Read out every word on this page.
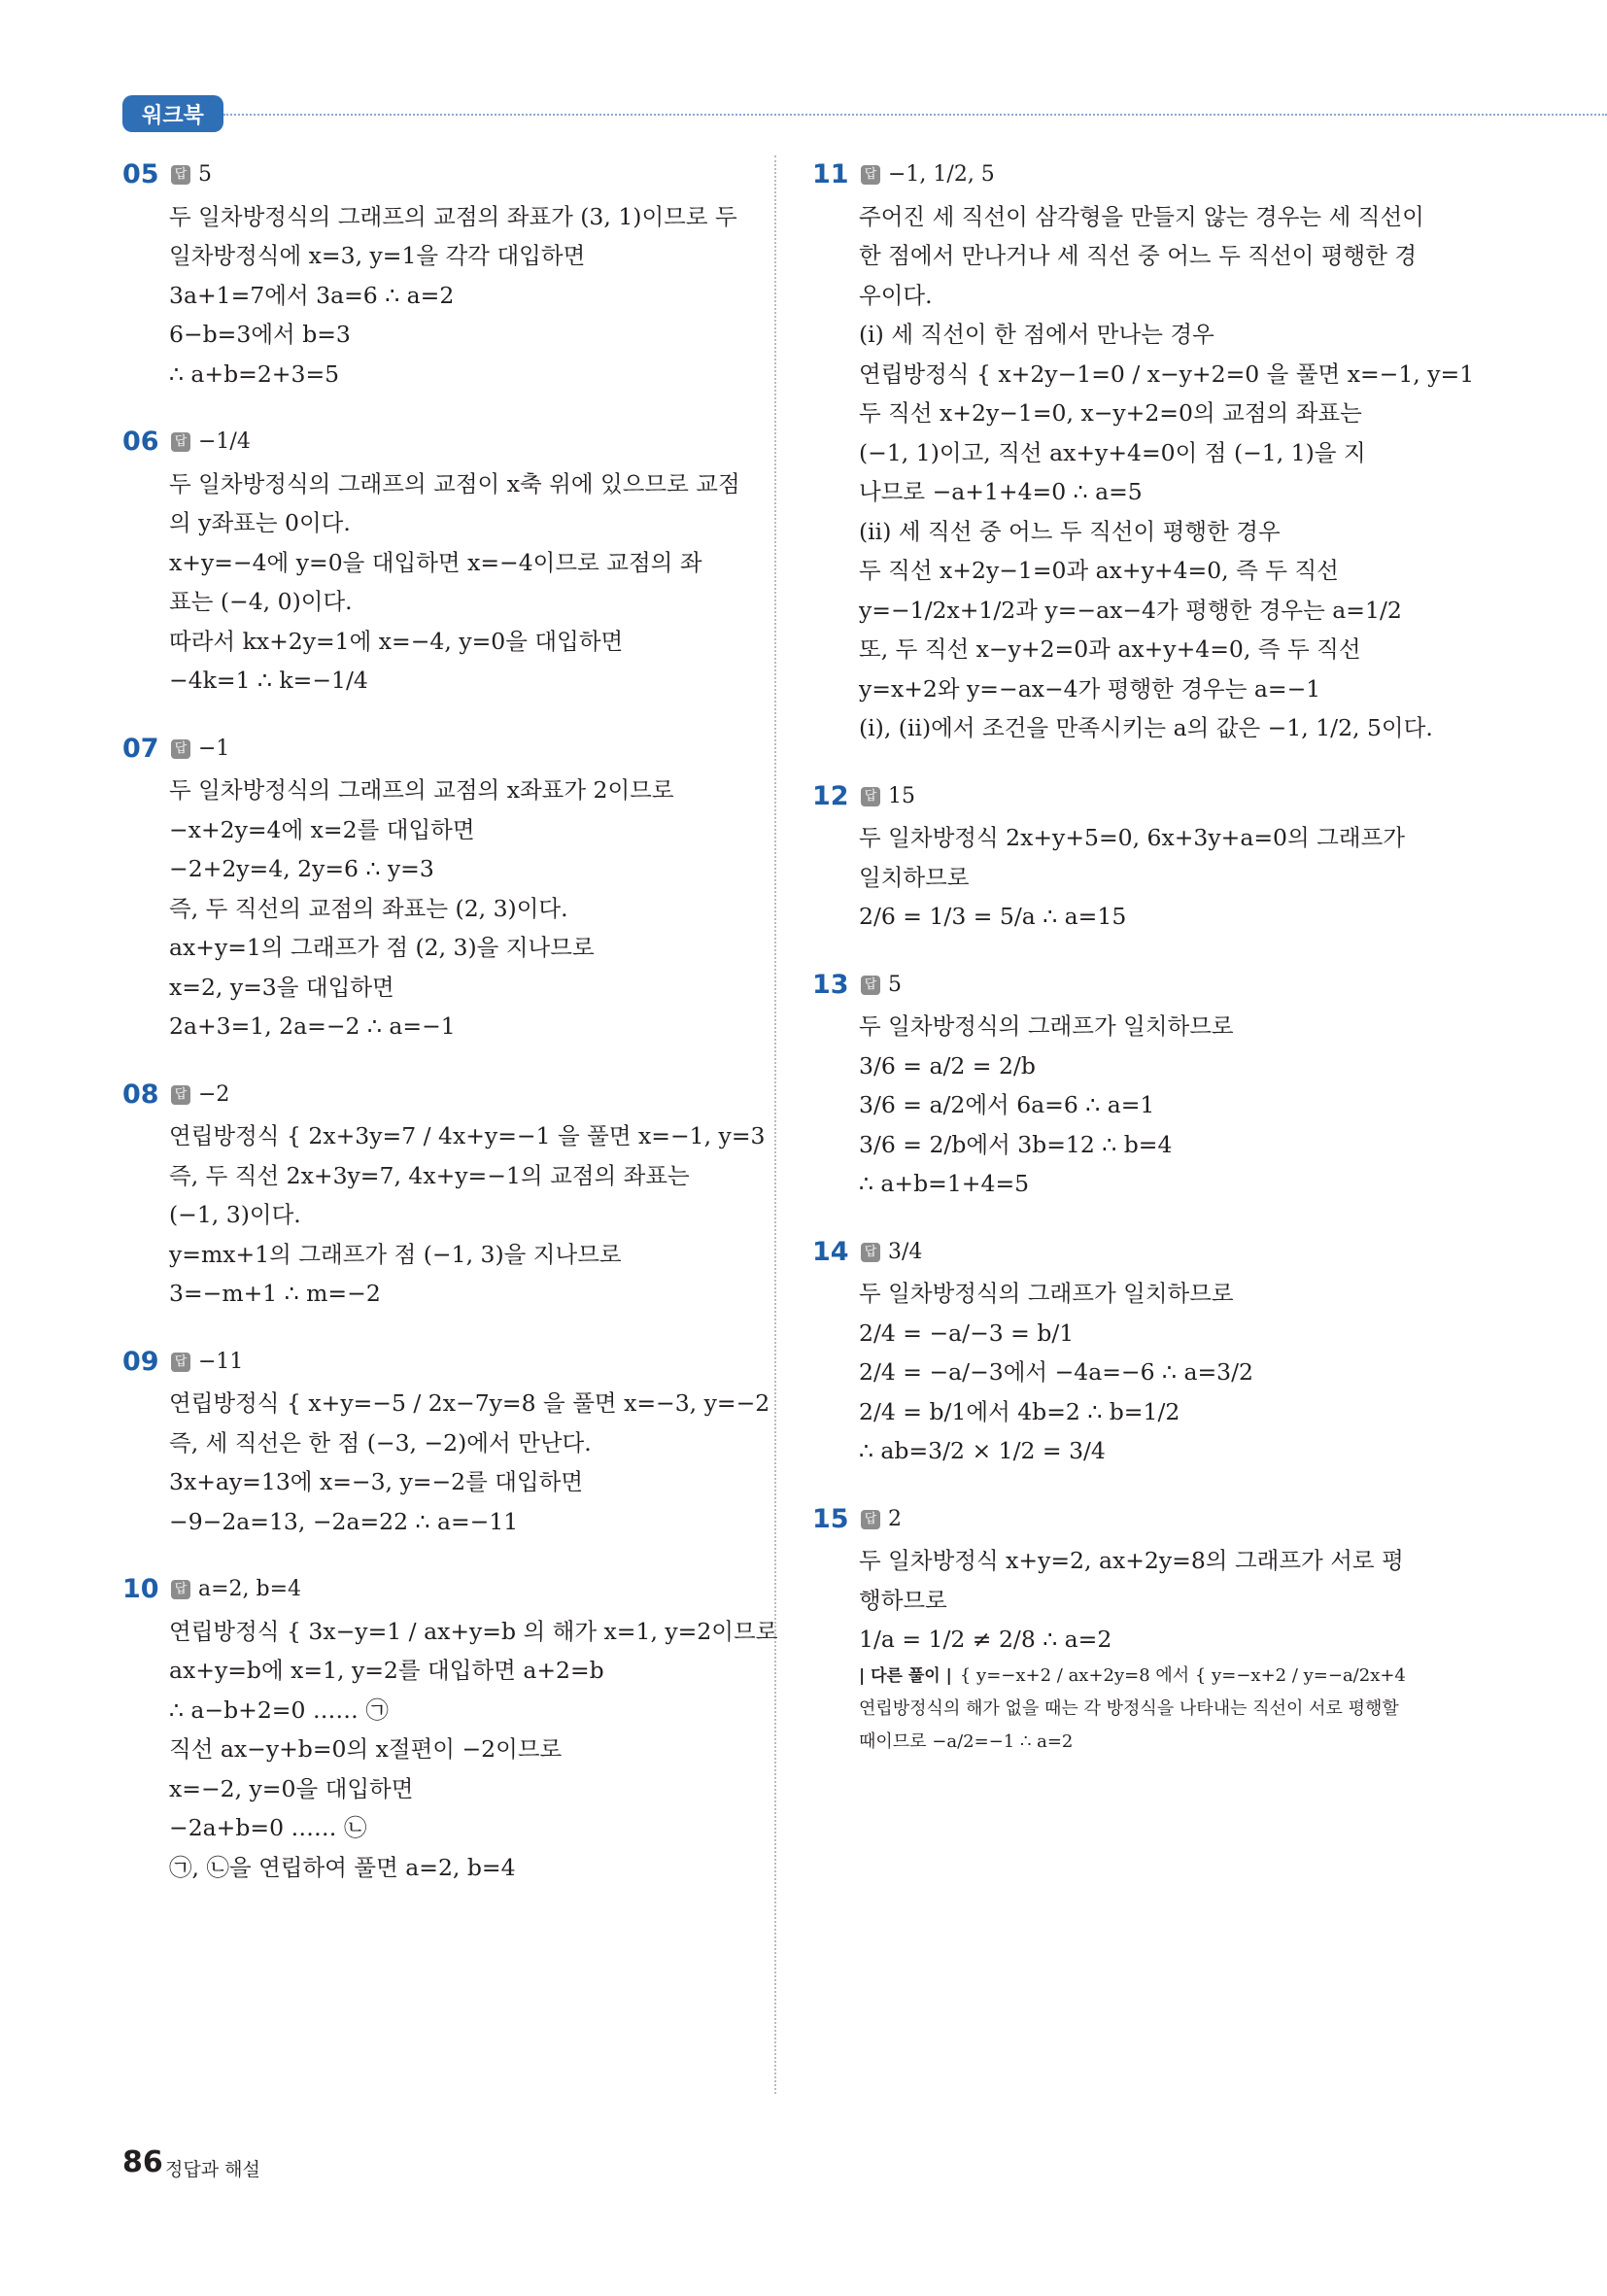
워크북
05	답 5
두 일차방정식의 그래프의 교점의 좌표가 (3, 1)이므로 두
일차방정식에 x=3, y=1을 각각 대입하면
3a+1=7에서 3a=6 ∴ a=2
6−b=3에서 b=3
∴ a+b=2+3=5
06	답 −1/4
두 일차방정식의 그래프의 교점이 x축 위에 있으므로 교점
의 y좌표는 0이다.
x+y=−4에 y=0을 대입하면 x=−4이므로 교점의 좌
표는 (−4, 0)이다.
따라서 kx+2y=1에 x=−4, y=0을 대입하면
−4k=1 ∴ k=−1/4
07	답 −1
두 일차방정식의 그래프의 교점의 x좌표가 2이므로
−x+2y=4에 x=2를 대입하면
−2+2y=4, 2y=6 ∴ y=3
즉, 두 직선의 교점의 좌표는 (2, 3)이다.
ax+y=1의 그래프가 점 (2, 3)을 지나므로
x=2, y=3을 대입하면
2a+3=1, 2a=−2 ∴ a=−1
08	답 −2
연립방정식 { 2x+3y=7 / 4x+y=−1 을 풀면 x=−1, y=3
즉, 두 직선 2x+3y=7, 4x+y=−1의 교점의 좌표는
(−1, 3)이다.
y=mx+1의 그래프가 점 (−1, 3)을 지나므로
3=−m+1 ∴ m=−2
09	답 −11
연립방정식 { x+y=−5 / 2x−7y=8 을 풀면 x=−3, y=−2
즉, 세 직선은 한 점 (−3, −2)에서 만난다.
3x+ay=13에 x=−3, y=−2를 대입하면
−9−2a=13, −2a=22 ∴ a=−11
10	답 a=2, b=4
연립방정식 { 3x−y=1 / ax+y=b 의 해가 x=1, y=2이므로
ax+y=b에 x=1, y=2를 대입하면 a+2=b
∴ a−b+2=0 …… ㉠
직선 ax−y+b=0의 x절편이 −2이므로
x=−2, y=0을 대입하면
−2a+b=0 …… ㉡
㉠, ㉡을 연립하여 풀면 a=2, b=4
11	답 −1, 1/2, 5
주어진 세 직선이 삼각형을 만들지 않는 경우는 세 직선이
한 점에서 만나거나 세 직선 중 어느 두 직선이 평행한 경
우이다.
(i) 세 직선이 한 점에서 만나는 경우
연립방정식 { x+2y−1=0 / x−y+2=0 을 풀면 x=−1, y=1
두 직선 x+2y−1=0, x−y+2=0의 교점의 좌표는
(−1, 1)이고, 직선 ax+y+4=0이 점 (−1, 1)을 지
나므로 −a+1+4=0 ∴ a=5
(ii) 세 직선 중 어느 두 직선이 평행한 경우
두 직선 x+2y−1=0과 ax+y+4=0, 즉 두 직선
y=−1/2x+1/2과 y=−ax−4가 평행한 경우는 a=1/2
또, 두 직선 x−y+2=0과 ax+y+4=0, 즉 두 직선
y=x+2와 y=−ax−4가 평행한 경우는 a=−1
(i), (ii)에서 조건을 만족시키는 a의 값은 −1, 1/2, 5이다.
12	답 15
두 일차방정식 2x+y+5=0, 6x+3y+a=0의 그래프가
일치하므로
2/6 = 1/3 = 5/a ∴ a=15
13	답 5
두 일차방정식의 그래프가 일치하므로
3/6 = a/2 = 2/b
3/6 = a/2에서 6a=6 ∴ a=1
3/6 = 2/b에서 3b=12 ∴ b=4
∴ a+b=1+4=5
14	답 3/4
두 일차방정식의 그래프가 일치하므로
2/4 = −a/−3 = b/1
2/4 = −a/−3에서 −4a=−6 ∴ a=3/2
2/4 = b/1에서 4b=2 ∴ b=1/2
∴ ab=3/2 × 1/2 = 3/4
15	답 2
두 일차방정식 x+y=2, ax+2y=8의 그래프가 서로 평
행하므로
1/a = 1/2 ≠ 2/8 ∴ a=2
| 다른 풀이 | { y=−x+2 / ax+2y=8 에서 { y=−x+2 / y=−a/2x+4
연립방정식의 해가 없을 때는 각 방정식을 나타내는 직선이 서로 평행할
때이므로 −a/2=−1 ∴ a=2
86 정답과 해설
